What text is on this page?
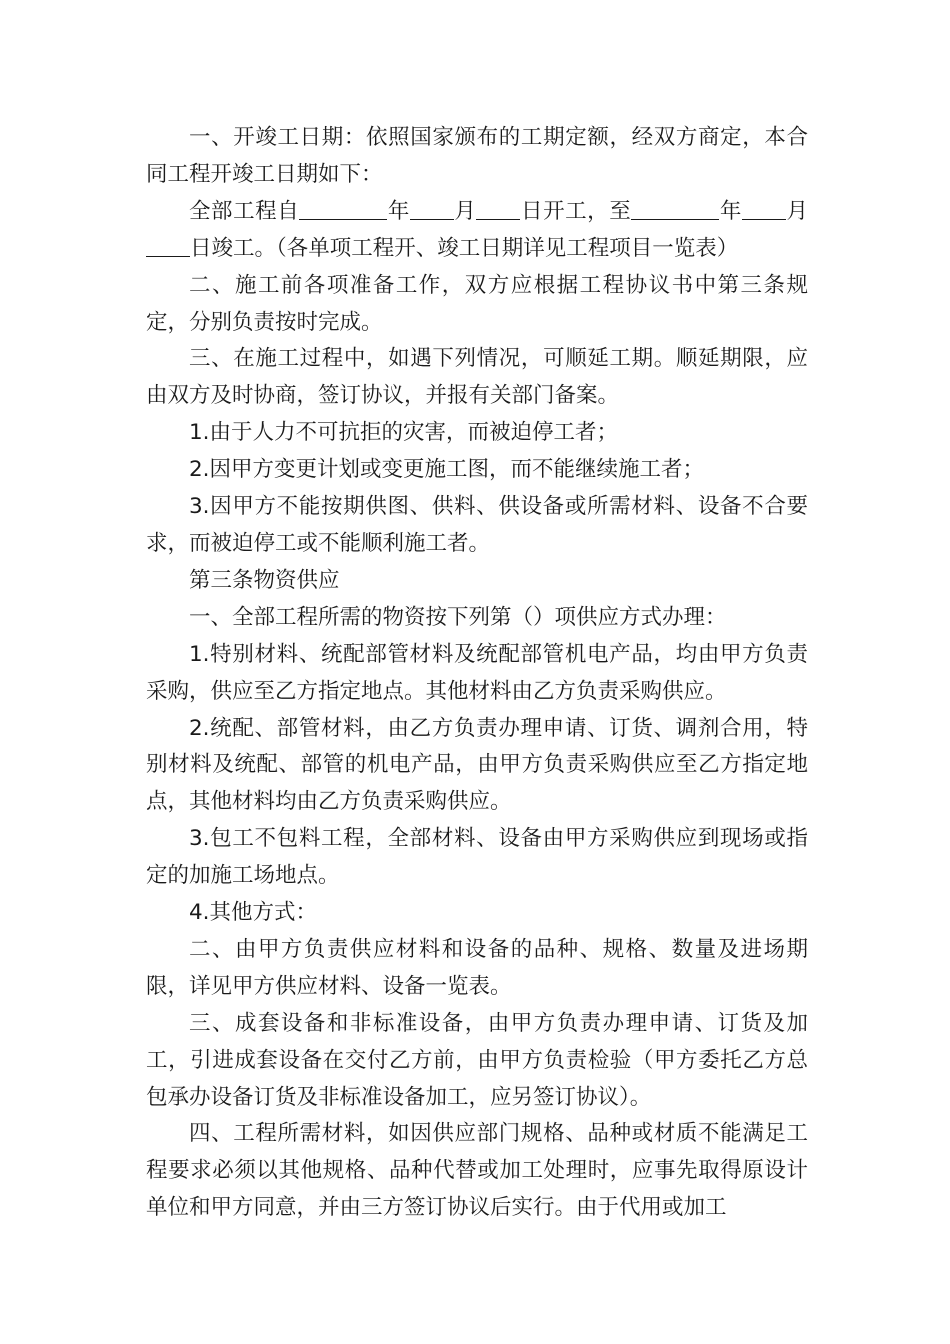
一、开竣工日期：依照国家颁布的工期定额，经双方商定，本合同工程开竣工日期如下：

全部工程自	年 月 日开工，至	年 月日竣工。（各单项工程开、竣工日期详见工程项目一览表）

二、施工前各项准备工作，双方应根据工程协议书中第三条规定，分别负责按时完成。

三、在施工过程中，如遇下列情况，可顺延工期。顺延期限，应由双方及时协商，签订协议，并报有关部门备案。

1.由于人力不可抗拒的灾害，而被迫停工者；

2.因甲方变更计划或变更施工图，而不能继续施工者；

3.因甲方不能按期供图、供料、供设备或所需材料、设备不合要求，而被迫停工或不能顺利施工者。

第三条物资供应

一、全部工程所需的物资按下列第（）项供应方式办理：

1.特别材料、统配部管材料及统配部管机电产品，均由甲方负责采购，供应至乙方指定地点。其他材料由乙方负责采购供应。

2.统配、部管材料，由乙方负责办理申请、订货、调剂合用，特别材料及统配、部管的机电产品，由甲方负责采购供应至乙方指定地点，其他材料均由乙方负责采购供应。

3.包工不包料工程，全部材料、设备由甲方采购供应到现场或指定的加施工场地点。

4.其他方式：

二、由甲方负责供应材料和设备的品种、规格、数量及进场期限，详见甲方供应材料、设备一览表。

三、成套设备和非标准设备，由甲方负责办理申请、订货及加工，引进成套设备在交付乙方前，由甲方负责检验（甲方委托乙方总包承办设备订货及非标准设备加工，应另签订协议）。

四、工程所需材料，如因供应部门规格、品种或材质不能满足工程要求必须以其他规格、品种代替或加工处理时，应事先取得原设计单位和甲方同意，并由三方签订协议后实行。由于代用或加工
